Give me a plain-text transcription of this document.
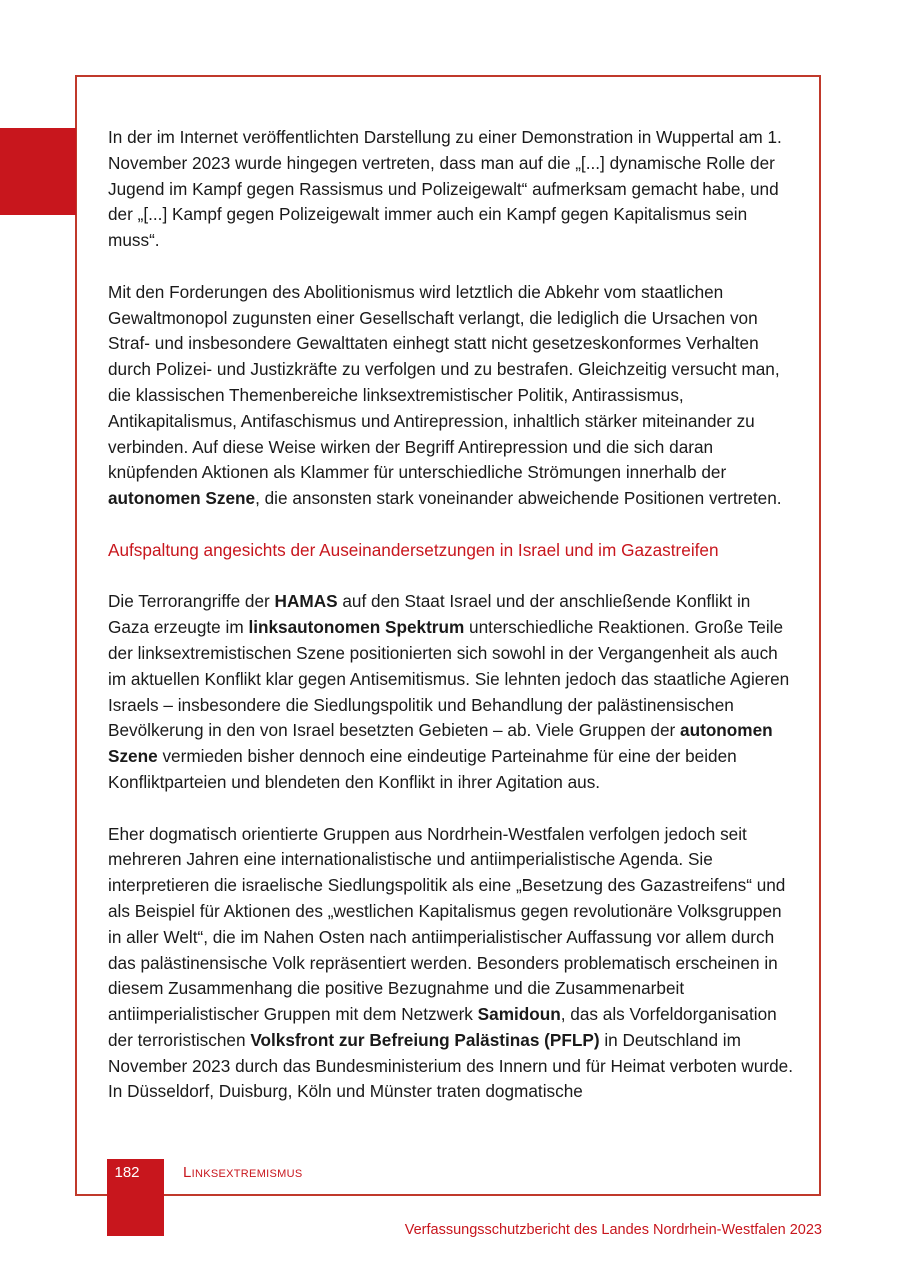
In der im Internet veröffentlichten Darstellung zu einer Demonstration in Wuppertal am 1. November 2023 wurde hingegen vertreten, dass man auf die „[...] dynamische Rolle der Jugend im Kampf gegen Rassismus und Polizeigewalt“ aufmerksam gemacht habe, und der „[...] Kampf gegen Polizeigewalt immer auch ein Kampf gegen Kapitalismus sein muss“.

Mit den Forderungen des Abolitionismus wird letztlich die Abkehr vom staatlichen Gewaltmonopol zugunsten einer Gesellschaft verlangt, die lediglich die Ursachen von Straf- und insbesondere Gewalttaten einhegt statt nicht gesetzeskonformes Verhalten durch Polizei- und Justizkräfte zu verfolgen und zu bestrafen. Gleichzeitig versucht man, die klassischen Themenbereiche linksextremistischer Politik, Antirassismus, Antikapitalismus, Antifaschismus und Antirepression, inhaltlich stärker miteinander zu verbinden. Auf diese Weise wirken der Begriff Antirepression und die sich daran knüpfenden Aktionen als Klammer für unterschiedliche Strömungen innerhalb der autonomen Szene, die ansonsten stark voneinander abweichende Positionen vertreten.

Aufspaltung angesichts der Auseinandersetzungen in Israel und im Gazastreifen

Die Terrorangriffe der HAMAS auf den Staat Israel und der anschließende Konflikt in Gaza erzeugte im linksautonomen Spektrum unterschiedliche Reaktionen. Große Teile der linksextremistischen Szene positionierten sich sowohl in der Vergangenheit als auch im aktuellen Konflikt klar gegen Antisemitismus. Sie lehnten jedoch das staatliche Agieren Israels – insbesondere die Siedlungspolitik und Behandlung der palästinensischen Bevölkerung in den von Israel besetzten Gebieten – ab. Viele Gruppen der autonomen Szene vermieden bisher dennoch eine eindeutige Parteinahme für eine der beiden Konfliktparteien und blendeten den Konflikt in ihrer Agitation aus.

Eher dogmatisch orientierte Gruppen aus Nordrhein-Westfalen verfolgen jedoch seit mehreren Jahren eine internationalistische und antiimperialistische Agenda. Sie interpretieren die israelische Siedlungspolitik als eine „Besetzung des Gazastreifens“ und als Beispiel für Aktionen des „westlichen Kapitalismus gegen revolutionäre Volksgruppen in aller Welt“, die im Nahen Osten nach antiimperialistischer Auffassung vor allem durch das palästinensische Volk repräsentiert werden. Besonders problematisch erscheinen in diesem Zusammenhang die positive Bezugnahme und die Zusammenarbeit antiimperialistischer Gruppen mit dem Netzwerk Samidoun, das als Vorfeldorganisation der terroristischen Volksfront zur Befreiung Palästinas (PFLP) in Deutschland im November 2023 durch das Bundesministerium des Innern und für Heimat verboten wurde. In Düsseldorf, Duisburg, Köln und Münster traten dogmatische

182	Linksextremismus
Verfassungsschutzbericht des Landes Nordrhein-Westfalen 2023
